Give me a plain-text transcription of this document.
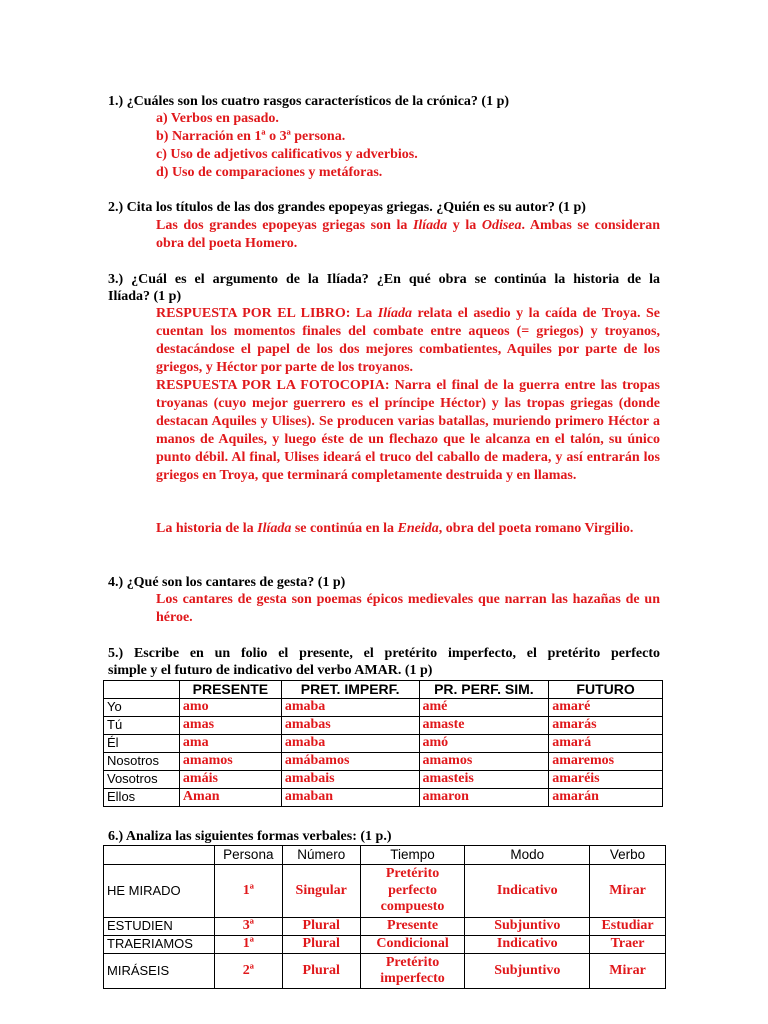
1.) ¿Cuáles son los cuatro rasgos característicos de la crónica? (1 p)
a) Verbos en pasado.
b) Narración en 1ª o 3ª persona.
c) Uso de adjetivos calificativos y adverbios.
d) Uso de comparaciones y metáforas.
2.) Cita los títulos de las dos grandes epopeyas griegas. ¿Quién es su autor? (1 p)
Las dos grandes epopeyas griegas son la Ilíada y la Odisea. Ambas se consideran obra del poeta Homero.
3.) ¿Cuál es el argumento de la Ilíada? ¿En qué obra se continúa la historia de la
Ilíada? (1 p)
RESPUESTA POR EL LIBRO: La Ilíada relata el asedio y la caída de Troya. Se cuentan los momentos finales del combate entre aqueos (= griegos) y troyanos, destacándose el papel de los dos mejores combatientes, Aquiles por parte de los griegos, y Héctor por parte de los troyanos.
RESPUESTA POR LA FOTOCOPIA: Narra el final de la guerra entre las tropas troyanas (cuyo mejor guerrero es el príncipe Héctor) y las tropas griegas (donde destacan Aquiles y Ulises). Se producen varias batallas, muriendo primero Héctor a manos de Aquiles, y luego éste de un flechazo que le alcanza en el talón, su único punto débil. Al final, Ulises ideará el truco del caballo de madera, y así entrarán los griegos en Troya, que terminará completamente destruida y en llamas.
La historia de la Ilíada se continúa en la Eneida, obra del poeta romano Virgilio.
4.) ¿Qué son los cantares de gesta? (1 p)
Los cantares de gesta son poemas épicos medievales que narran las hazañas de un héroe.
5.) Escribe en un folio el presente, el pretérito imperfecto, el pretérito perfecto
simple y el futuro de indicativo del verbo AMAR. (1 p)
	PRESENTE	PRET. IMPERF.	PR. PERF. SIM.	FUTURO
Yo	amo	amaba	amé	amaré
Tú	amas	amabas	amaste	amarás
Él	ama	amaba	amó	amará
Nosotros	amamos	amábamos	amamos	amaremos
Vosotros	amáis	amabais	amasteis	amaréis
Ellos	Aman	amaban	amaron	amarán
6.) Analiza las siguientes formas verbales: (1 p.)
	Persona	Número	Tiempo	Modo	Verbo
HE MIRADO	1ª	Singular	Pretérito perfecto compuesto	Indicativo	Mirar
ESTUDIEN	3ª	Plural	Presente	Subjuntivo	Estudiar
TRAERIAMOS	1ª	Plural	Condicional	Indicativo	Traer
MIRÁSEIS	2ª	Plural	Pretérito imperfecto	Subjuntivo	Mirar
